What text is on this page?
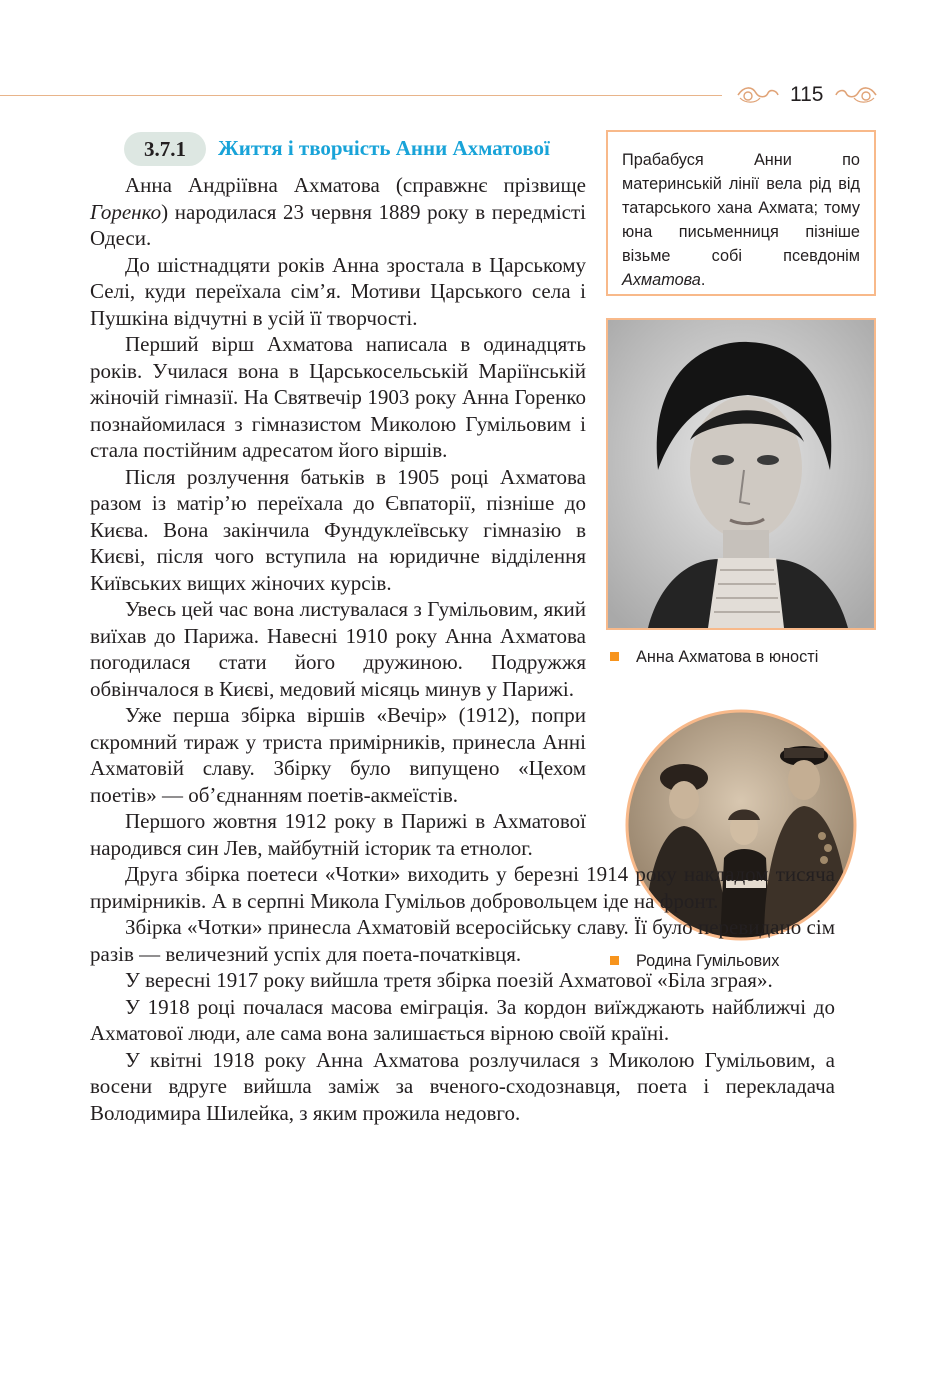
115
3.7.1	Життя і творчість Анни Ахматової	Прабабуся Анни по материнській лінії вела рід від татарського хана Ахмата; тому юна письменниця пізніше візьме собі псевдонім Ахматова.
Анна Ахматова в юності
Родина Гумільових

Анна Андріївна Ахматова (справжнє прізвище Горенко) народилася 23 червня 1889 року в передмісті Одеси.

До шістнадцяти років Анна зростала в Царському Селі, куди переїхала сім’я. Мотиви Царського села і Пушкіна відчутні в усій її творчості.

Перший вірш Ахматова написала в одинадцять років. Училася вона в Царськосельській Маріїнській жіночій гімназії. На Святвечір 1903 року Анна Горенко познайомилася з гімназистом Миколою Гумільовим і стала постійним адресатом його віршів.

Після розлучення батьків в 1905 році Ахматова разом із матір’ю переїхала до Євпаторії, пізніше до Києва. Вона закінчила Фундуклеївську гімназію в Києві, після чого вступила на юридичне відділення Київських вищих жіночих курсів.

Увесь цей час вона листувалася з Гумільовим, який виїхав до Парижа. Навесні 1910 року Анна Ахматова погодилася стати його дружиною. Подружжя обвінчалося в Києві, медовий місяць минув у Парижі.

Уже перша збірка віршів «Вечір» (1912), попри скромний тираж у триста примірників, принесла Анні Ахматовій славу. Збірку було випущено «Цехом поетів» — об’єднанням поетів-акмеїстів.

Першого жовтня 1912 року в Парижі в Ахматової народився син Лев, майбутній історик та етнолог.

Друга збірка поетеси «Чотки» виходить у березні 1914 року накладом тисяча примірників. А в серпні Микола Гумільов добровольцем іде на фронт.

Збірка «Чотки» принесла Ахматовій всеросійську славу. Її було перевидано сім разів — величезний успіх для поета-початківця.

У вересні 1917 року вийшла третя збірка поезій Ахматової «Біла зграя».

У 1918 році почалася масова еміграція. За кордон виїжджають найближчі до Ахматової люди, але сама вона залишається вірною своїй країні.

У квітні 1918 року Анна Ахматова розлучилася з Миколою Гумільовим, а восени вдруге вийшла заміж за вченого-сходознавця, поета і перекладача Володимира Шилейка, з яким прожила недовго.
